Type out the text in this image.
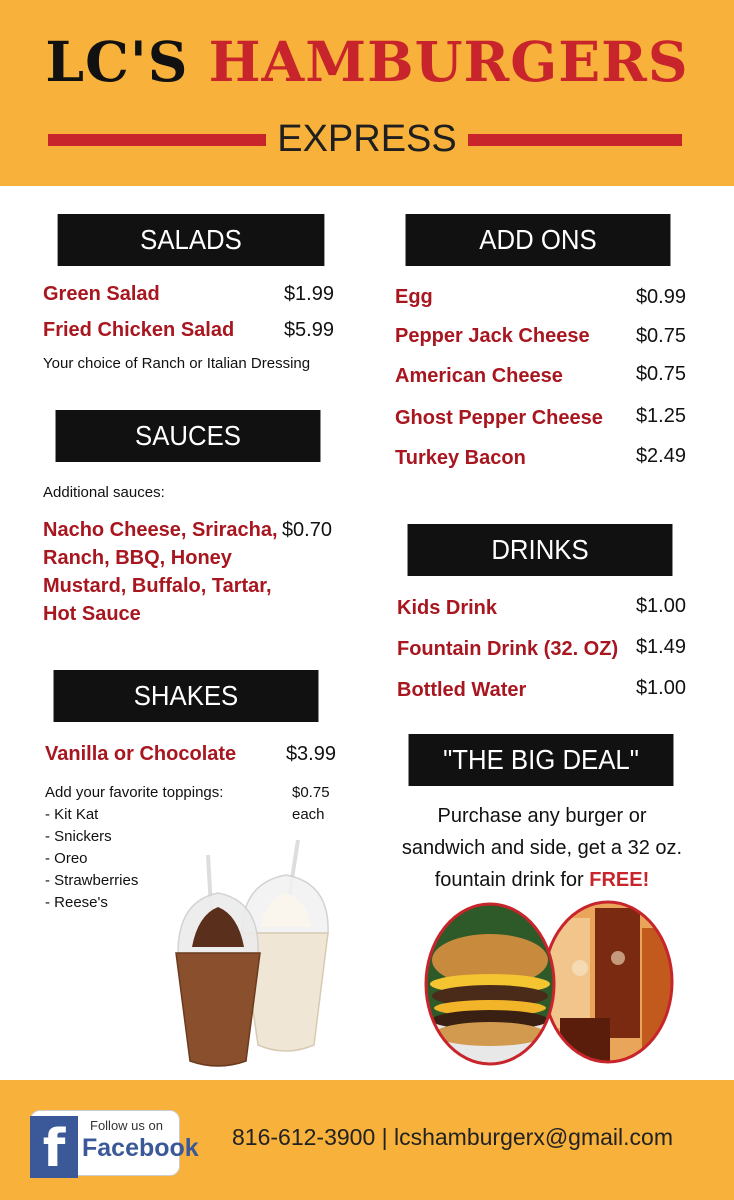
LC'S HAMBURGERS
EXPRESS
SALADS
Green Salad	$1.99
Fried Chicken Salad	$5.99
Your choice of Ranch or Italian Dressing
SAUCES
Additional sauces:
Nacho Cheese, Sriracha,
Ranch, BBQ, Honey
Mustard, Buffalo, Tartar,
Hot Sauce
$0.70
SHAKES
Vanilla or Chocolate	$3.99
Add your favorite toppings:
- Kit Kat
- Snickers
- Oreo
- Strawberries
- Reese's
$0.75
each
ADD ONS
Egg	$0.99
Pepper Jack Cheese	$0.75
American Cheese	$0.75
Ghost Pepper Cheese	$1.25
Turkey Bacon	$2.49
DRINKS
Kids Drink	$1.00
Fountain Drink (32. OZ) $1.49
Bottled Water	$1.00
"THE BIG DEAL"
Purchase any burger or
sandwich and side, get a 32 oz.
fountain drink for FREE!
f	Follow us on
Facebook 816-612-3900 | lcshamburgerx@gmail.com
